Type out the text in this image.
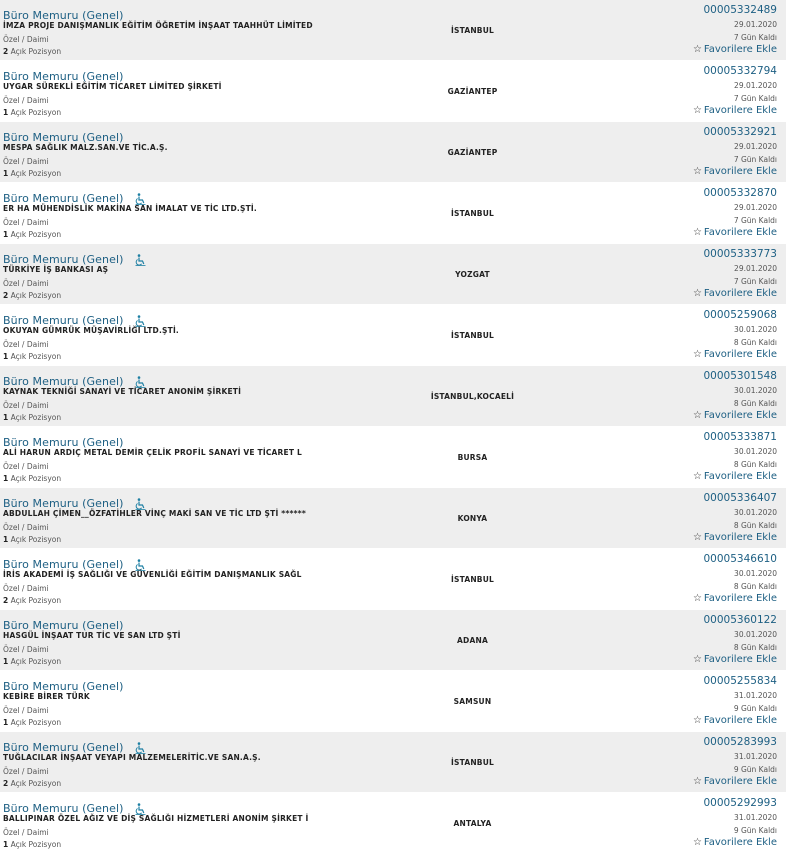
Büro Memuru (Genel)
İMZA PROJE DANIŞMANLIK EĞİTİM ÖĞRETİM İNŞAAT TAAHHÜT LİMİTED
Özel / Daimi
2 Açık Pozisyon
İSTANBUL
00005332489
29.01.2020
7 Gün Kaldı
☆ Favorilere Ekle
Büro Memuru (Genel)
UYGAR SÜREKLİ EĞİTİM TİCARET LİMİTED ŞİRKETİ
Özel / Daimi
1 Açık Pozisyon
GAZİANTEP
00005332794
29.01.2020
7 Gün Kaldı
☆ Favorilere Ekle
Büro Memuru (Genel)
MESPA SAĞLIK MALZ.SAN.VE TİC.A.Ş.
Özel / Daimi
1 Açık Pozisyon
GAZİANTEP
00005332921
29.01.2020
7 Gün Kaldı
☆ Favorilere Ekle
Büro Memuru (Genel)
ER HA MÜHENDİSLİK MAKİNA SAN İMALAT VE TİC LTD.ŞTİ.
Özel / Daimi
1 Açık Pozisyon
İSTANBUL
00005332870
29.01.2020
7 Gün Kaldı
☆ Favorilere Ekle
Büro Memuru (Genel)
TÜRKİYE İŞ BANKASI AŞ
Özel / Daimi
2 Açık Pozisyon
YOZGAT
00005333773
29.01.2020
7 Gün Kaldı
☆ Favorilere Ekle
Büro Memuru (Genel)
OKUYAN GÜMRÜK MÜŞAVİRLİĞİ LTD.ŞTİ.
Özel / Daimi
1 Açık Pozisyon
İSTANBUL
00005259068
30.01.2020
8 Gün Kaldı
☆ Favorilere Ekle
Büro Memuru (Genel)
KAYNAK TEKNİĞİ SANAYİ VE TİCARET ANONİM ŞİRKETİ
Özel / Daimi
1 Açık Pozisyon
İSTANBUL,KOCAELİ
00005301548
30.01.2020
8 Gün Kaldı
☆ Favorilere Ekle
Büro Memuru (Genel)
ALİ HARUN ARDIÇ METAL DEMİR ÇELİK PROFİL SANAYİ VE TİCARET L
Özel / Daimi
1 Açık Pozisyon
BURSA
00005333871
30.01.2020
8 Gün Kaldı
☆ Favorilere Ekle
Büro Memuru (Genel)
ABDULLAH ÇİMEN__ÖZFATİHLER VİNÇ MAKİ SAN VE TİC LTD ŞTİ ******
Özel / Daimi
1 Açık Pozisyon
KONYA
00005336407
30.01.2020
8 Gün Kaldı
☆ Favorilere Ekle
Büro Memuru (Genel)
İRİS AKADEMİ İŞ SAĞLIĞI VE GÜVENLİĞİ EĞİTİM DANIŞMANLIK SAĞL
Özel / Daimi
2 Açık Pozisyon
İSTANBUL
00005346610
30.01.2020
8 Gün Kaldı
☆ Favorilere Ekle
Büro Memuru (Genel)
HASGÜL İNŞAAT TUR TİC VE SAN LTD ŞTİ
Özel / Daimi
1 Açık Pozisyon
ADANA
00005360122
30.01.2020
8 Gün Kaldı
☆ Favorilere Ekle
Büro Memuru (Genel)
KEBİRE BİRER TÜRK
Özel / Daimi
1 Açık Pozisyon
SAMSUN
00005255834
31.01.2020
9 Gün Kaldı
☆ Favorilere Ekle
Büro Memuru (Genel)
TUĞLACILAR İNŞAAT VEYAPI MALZEMELERİTİC.VE SAN.A.Ş.
Özel / Daimi
2 Açık Pozisyon
İSTANBUL
00005283993
31.01.2020
9 Gün Kaldı
☆ Favorilere Ekle
Büro Memuru (Genel)
BALLIPINAR ÖZEL AĞIZ VE DİŞ SAĞLIĞI HİZMETLERİ ANONİM ŞİRKET İ
Özel / Daimi
1 Açık Pozisyon
ANTALYA
00005292993
31.01.2020
9 Gün Kaldı
☆ Favorilere Ekle
